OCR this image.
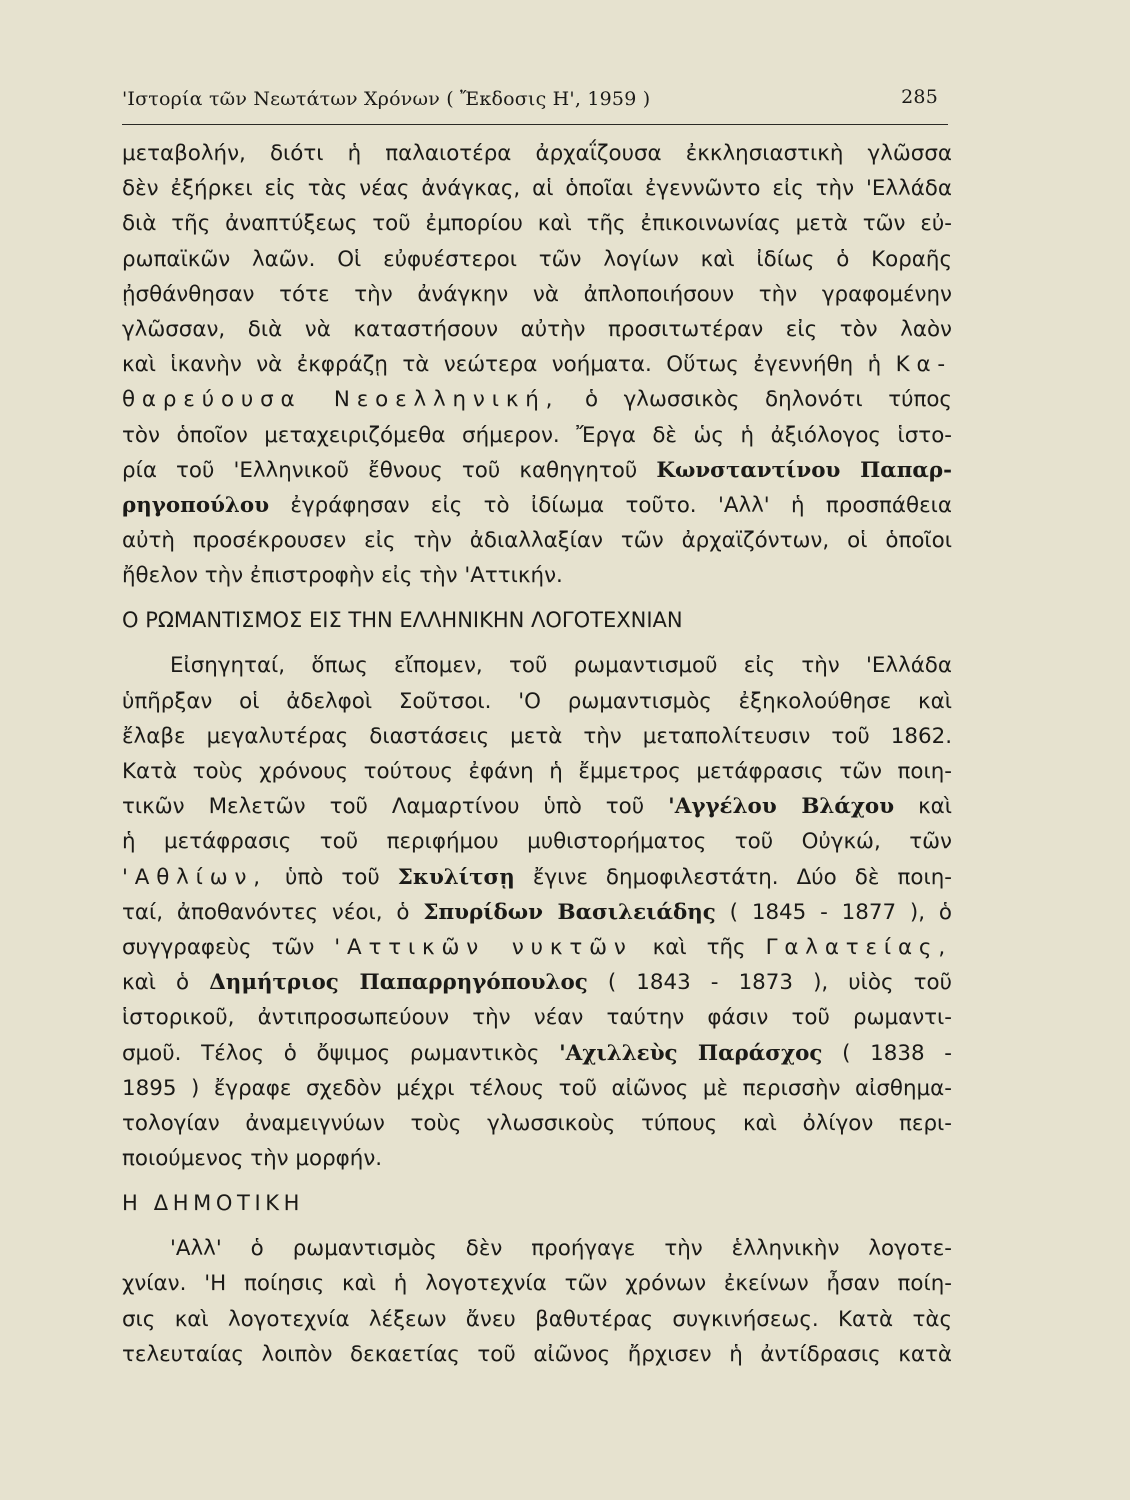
'Ιστορία τῶν Νεωτάτων Χρόνων ( Ἔκδοσις Η', 1959 )	285
μεταβολήν, διότι ἡ παλαιοτέρα ἀρχαΐζουσα ἐκκλησιαστικὴ γλῶσσα
δὲν ἐξήρκει εἰς τὰς νέας ἀνάγκας, αἱ ὁποῖαι ἐγεννῶντο εἰς τὴν 'Ελλάδα
διὰ τῆς ἀναπτύξεως τοῦ ἐμπορίου καὶ τῆς ἐπικοινωνίας μετὰ τῶν εὐ-
ρωπαϊκῶν λαῶν. Οἱ εὐφυέστεροι τῶν λογίων καὶ ἰδίως ὁ Κοραῆς
ᾐσθάνθησαν τότε τὴν ἀνάγκην νὰ ἀπλοποιήσουν τὴν γραφομένην
γλῶσσαν, διὰ νὰ καταστήσουν αὐτὴν προσιτωτέραν εἰς τὸν λαὸν
καὶ ἱκανὴν νὰ ἐκφράζῃ τὰ νεώτερα νοήματα. Οὕτως ἐγεννήθη ἡ Κα-
θαρεύουσα Νεοελληνική, ὁ γλωσσικὸς δηλονότι τύπος
τὸν ὁποῖον μεταχειριζόμεθα σήμερον. Ἔργα δὲ ὡς ἡ ἀξιόλογος ἱστο-
ρία τοῦ 'Ελληνικοῦ ἔθνους τοῦ καθηγητοῦ Κωνσταντίνου Παπαρ-
ρηγοπούλου ἐγράφησαν εἰς τὸ ἰδίωμα τοῦτο. 'Αλλ' ἡ προσπάθεια
αὐτὴ προσέκρουσεν εἰς τὴν ἀδιαλλαξίαν τῶν ἀρχαϊζόντων, οἱ ὁποῖοι
ἤθελον τὴν ἐπιστροφὴν εἰς τὴν 'Αττικήν.
Ο ΡΩΜΑΝΤΙΣΜΟΣ ΕΙΣ ΤΗΝ ΕΛΛΗΝΙΚΗΝ ΛΟΓΟΤΕΧΝΙΑΝ
Εἰσηγηταί, ὅπως εἴπομεν, τοῦ ρωμαντισμοῦ εἰς τὴν 'Ελλάδα
ὑπῆρξαν οἱ ἀδελφοὶ Σοῦτσοι. 'Ο ρωμαντισμὸς ἐξηκολούθησε καὶ
ἔλαβε μεγαλυτέρας διαστάσεις μετὰ τὴν μεταπολίτευσιν τοῦ 1862.
Κατὰ τοὺς χρόνους τούτους ἐφάνη ἡ ἔμμετρος μετάφρασις τῶν ποιη-
τικῶν Μελετῶν τοῦ Λαμαρτίνου ὑπὸ τοῦ 'Αγγέλου Βλάχου καὶ
ἡ μετάφρασις τοῦ περιφήμου μυθιστορήματος τοῦ Οὐγκώ, τῶν
'Αθλίων, ὑπὸ τοῦ Σκυλίτσῃ ἔγινε δημοφιλεστάτη. Δύο δὲ ποιη-
ταί, ἀποθανόντες νέοι, ὁ Σπυρίδων Βασιλειάδης ( 1845 - 1877 ), ὁ
συγγραφεὺς τῶν 'Αττικῶν νυκτῶν καὶ τῆς Γαλατείας,
καὶ ὁ Δημήτριος Παπαρρηγόπουλος ( 1843 - 1873 ), υἱὸς τοῦ
ἱστορικοῦ, ἀντιπροσωπεύουν τὴν νέαν ταύτην φάσιν τοῦ ρωμαντι-
σμοῦ. Τέλος ὁ ὄψιμος ρωμαντικὸς 'Αχιλλεὺς Παράσχος ( 1838 -
1895 ) ἔγραφε σχεδὸν μέχρι τέλους τοῦ αἰῶνος μὲ περισσὴν αἰσθημα-
τολογίαν ἀναμειγνύων τοὺς γλωσσικοὺς τύπους καὶ ὀλίγον περι-
ποιούμενος τὴν μορφήν.
Η ΔΗΜΟΤΙΚΗ
'Αλλ' ὁ ρωμαντισμὸς δὲν προήγαγε τὴν ἑλληνικὴν λογοτε-
χνίαν. 'Η ποίησις καὶ ἡ λογοτεχνία τῶν χρόνων ἐκείνων ἦσαν ποίη-
σις καὶ λογοτεχνία λέξεων ἄνευ βαθυτέρας συγκινήσεως. Κατὰ τὰς
τελευταίας λοιπὸν δεκαετίας τοῦ αἰῶνος ἤρχισεν ἡ ἀντίδρασις κατὰ
